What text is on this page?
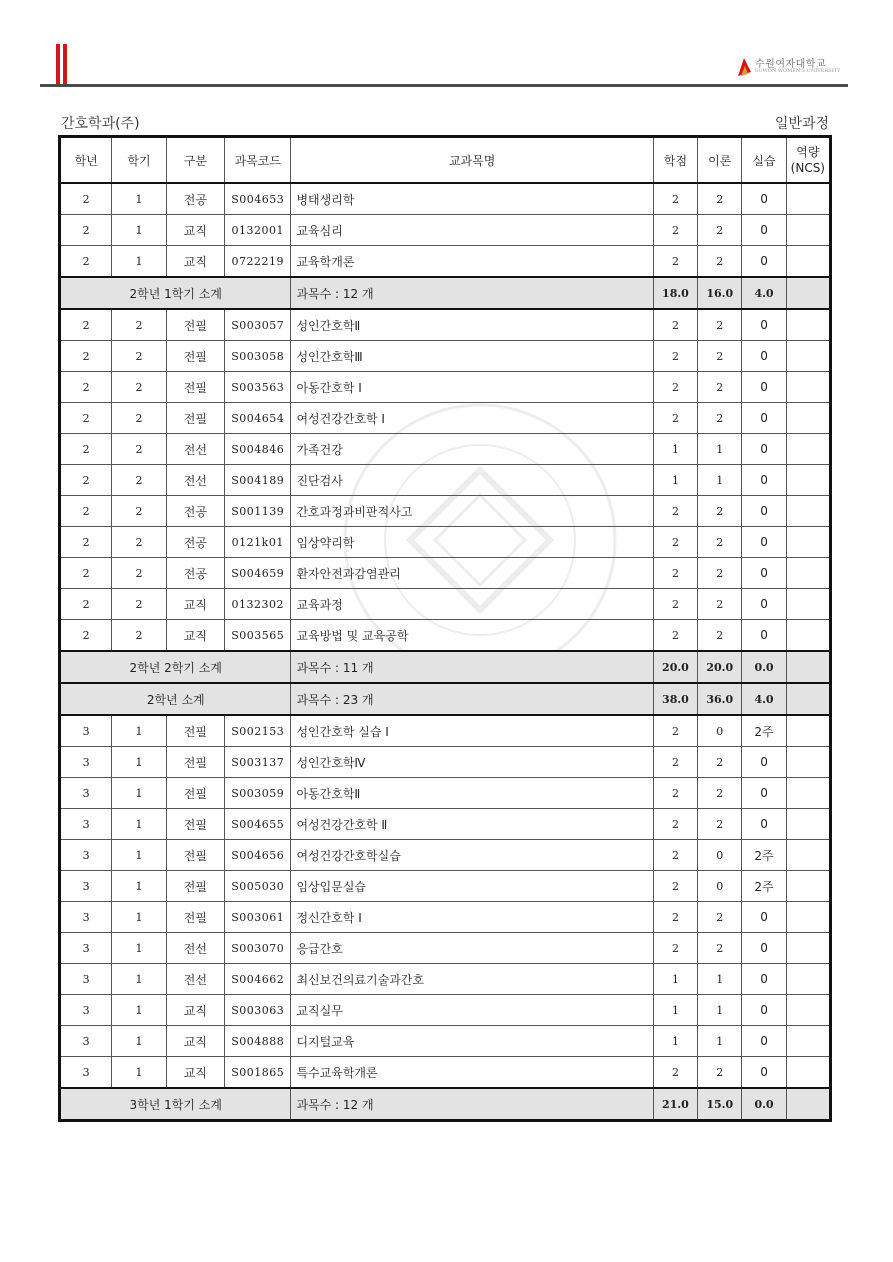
수원여자대학교
SUWON WOMEN'S UNIVERSITY
간호학과(주)	일반과정
학년	학기	구분	과목코드	교과목명	학점	이론	실습	역량
(NCS)
2	1	전공	S004653	병태생리학	2	2	0	
2	1	교직	0132001	교육심리	2	2	0	
2	1	교직	0722219	교육학개론	2	2	0	
2학년 1학기 소계				과목수 : 12 개	18.0	16.0	4.0	
2	2	전필	S003057	성인간호학Ⅱ	2	2	0	
2	2	전필	S003058	성인간호학Ⅲ	2	2	0	
2	2	전필	S003563	아동간호학 I	2	2	0	
2	2	전필	S004654	여성건강간호학 I	2	2	0	
2	2	전선	S004846	가족건강	1	1	0	
2	2	전선	S004189	진단검사	1	1	0	
2	2	전공	S001139	간호과정과비판적사고	2	2	0	
2	2	전공	0121k01	임상약리학	2	2	0	
2	2	전공	S004659	환자안전과감염관리	2	2	0	
2	2	교직	0132302	교육과정	2	2	0	
2	2	교직	S003565	교육방법 및 교육공학	2	2	0	
2학년 2학기 소계				과목수 : 11 개	20.0	20.0	0.0	
2학년 소계				과목수 : 23 개	38.0	36.0	4.0	
3	1	전필	S002153	성인간호학 실습 I	2	0	2주	
3	1	전필	S003137	성인간호학Ⅳ	2	2	0	
3	1	전필	S003059	아동간호학Ⅱ	2	2	0	
3	1	전필	S004655	여성건강간호학 Ⅱ	2	2	0	
3	1	전필	S004656	여성건강간호학실습	2	0	2주	
3	1	전필	S005030	임상입문실습	2	0	2주	
3	1	전필	S003061	정신간호학 I	2	2	0	
3	1	전선	S003070	응급간호	2	2	0	
3	1	전선	S004662	최신보건의료기술과간호	1	1	0	
3	1	교직	S003063	교직실무	1	1	0	
3	1	교직	S004888	디지털교육	1	1	0	
3	1	교직	S001865	특수교육학개론	2	2	0	
3학년 1학기 소계				과목수 : 12 개	21.0	15.0	0.0	
